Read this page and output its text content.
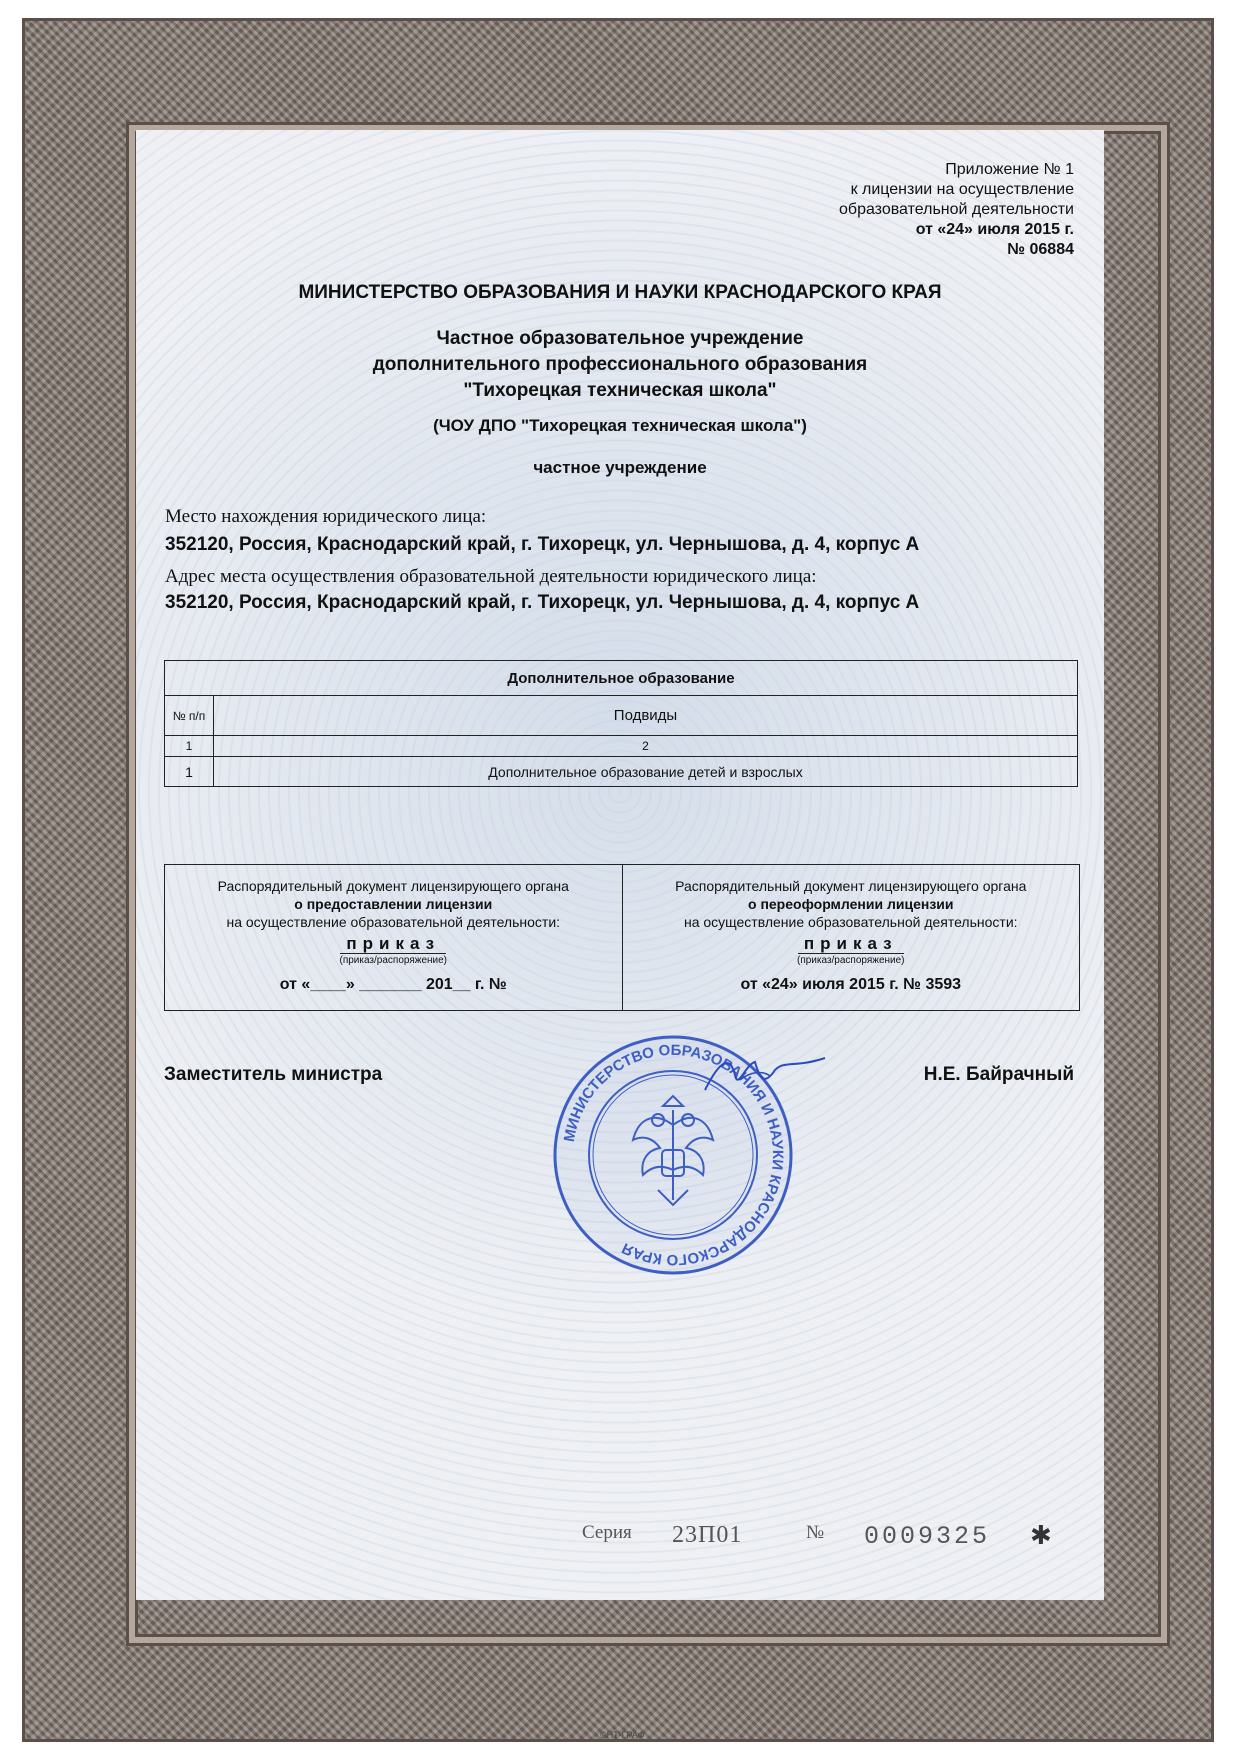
Приложение № 1
к лицензии на осуществление
образовательной деятельности
от «24» июля 2015 г.
№ 06884
МИНИСТЕРСТВО ОБРАЗОВАНИЯ И НАУКИ КРАСНОДАРСКОГО КРАЯ
Частное образовательное учреждение
дополнительного профессионального образования
"Тихорецкая техническая школа"
(ЧОУ ДПО "Тихорецкая техническая школа")
частное учреждение
Место нахождения юридического лица:
352120, Россия, Краснодарский край, г. Тихорецк, ул. Чернышова, д. 4, корпус А
Адрес места осуществления образовательной деятельности юридического лица:
352120, Россия, Краснодарский край, г. Тихорецк, ул. Чернышова, д. 4, корпус А
Дополнительное образование	
№ п/п	Подвиды
1	2
1	Дополнительное образование детей и взрослых
Распорядительный документ лицензирующего органа
о предоставлении лицензии
на осуществление образовательной деятельности:
приказ
(приказ/распоряжение)
от «____» _______ 201__ г. №
Распорядительный документ лицензирующего органа
о переоформлении лицензии
на осуществление образовательной деятельности:
приказ
(приказ/распоряжение)
от «24» июля 2015 г. № 3593
Заместитель министра	Н.Е. Байрачный
МИНИСТЕРСТВО ОБРАЗОВАНИЯ И НАУКИ КРАСНОДАРСКОГО КРАЯ
Серия 23П01	№ 0009325 ✱
©НТ-ГРАФ
